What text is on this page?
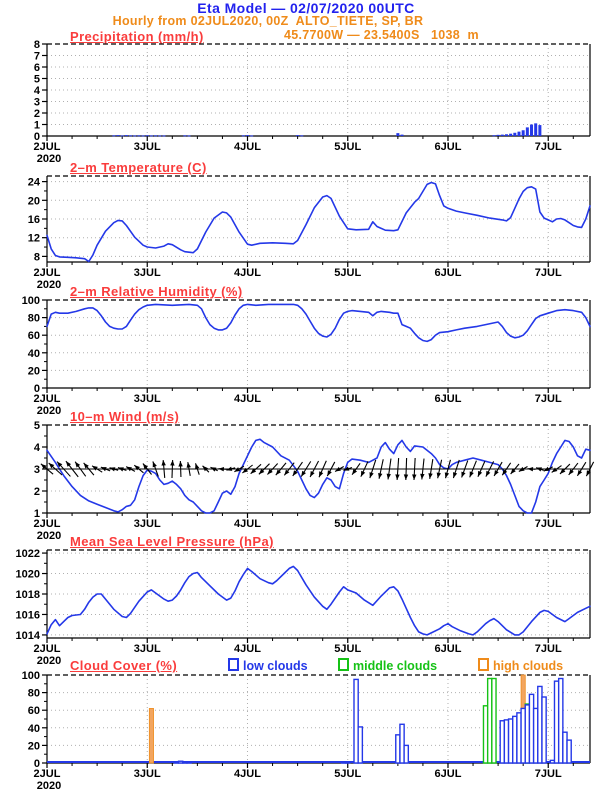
0
1
2
3
4
5
6
7
8
2JUL	3JUL	4JUL	5JUL	6JUL	7JUL
2020
8
12
16
20
24
2JUL	3JUL	4JUL	5JUL	6JUL	7JUL
2020
0
20
40
60
80
100
2JUL	3JUL	4JUL	5JUL	6JUL	7JUL
2020
1
2
3
4
5
2JUL	3JUL	4JUL	5JUL	6JUL	7JUL
2020
1014
1016
1018
1020
1022
2JUL	3JUL	4JUL	5JUL	6JUL	7JUL
2020
0
20
40
60
80
100
2JUL	3JUL	4JUL	5JUL	6JUL	7JUL
2020
Eta Model — 02/07/2020 00UTC
Hourly from 02JUL2020, 00Z  ALTO_TIETE, SP, BR
45.7700W — 23.5400S   1038  m
Precipitation (mm/h)
2–m Temperature (C)
2–m Relative Humidity (%)
10–m Wind (m/s)
Mean Sea Level Pressure (hPa)
Cloud Cover (%)	low clouds	middle clouds	high clouds
